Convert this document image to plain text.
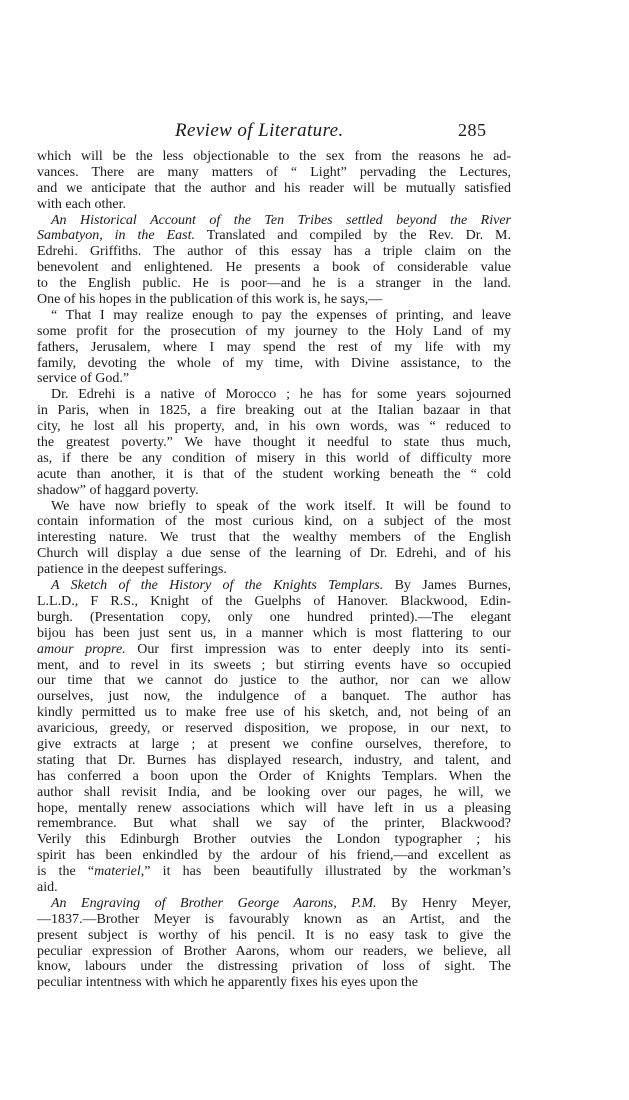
Review of Literature.	285
which will be the less objectionable to the sex from the reasons he ad-
vances. There are many matters of “ Light” pervading the Lectures,
and we anticipate that the author and his reader will be mutually satisfied
with each other.
An Historical Account of the Ten Tribes settled beyond the River
Sambatyon, in the East. Translated and compiled by the Rev. Dr. M.
Edrehi. Griffiths. The author of this essay has a triple claim on the
benevolent and enlightened. He presents a book of considerable value
to the English public. He is poor—and he is a stranger in the land.
One of his hopes in the publication of this work is, he says,—
“ That I may realize enough to pay the expenses of printing, and leave
some profit for the prosecution of my journey to the Holy Land of my
fathers, Jerusalem, where I may spend the rest of my life with my
family, devoting the whole of my time, with Divine assistance, to the
service of God.”
Dr. Edrehi is a native of Morocco ; he has for some years sojourned
in Paris, when in 1825, a fire breaking out at the Italian bazaar in that
city, he lost all his property, and, in his own words, was “ reduced to
the greatest poverty.” We have thought it needful to state thus much,
as, if there be any condition of misery in this world of difficulty more
acute than another, it is that of the student working beneath the “ cold
shadow” of haggard poverty.
We have now briefly to speak of the work itself. It will be found to
contain information of the most curious kind, on a subject of the most
interesting nature. We trust that the wealthy members of the English
Church will display a due sense of the learning of Dr. Edrehi, and of his
patience in the deepest sufferings.
A Sketch of the History of the Knights Templars. By James Burnes,
L.L.D., F R.S., Knight of the Guelphs of Hanover. Blackwood, Edin-
burgh. (Presentation copy, only one hundred printed).—The elegant
bijou has been just sent us, in a manner which is most flattering to our
amour propre. Our first impression was to enter deeply into its senti-
ment, and to revel in its sweets ; but stirring events have so occupied
our time that we cannot do justice to the author, nor can we allow
ourselves, just now, the indulgence of a banquet. The author has
kindly permitted us to make free use of his sketch, and, not being of an
avaricious, greedy, or reserved disposition, we propose, in our next, to
give extracts at large ; at present we confine ourselves, therefore, to
stating that Dr. Burnes has displayed research, industry, and talent, and
has conferred a boon upon the Order of Knights Templars. When the
author shall revisit India, and be looking over our pages, he will, we
hope, mentally renew associations which will have left in us a pleasing
remembrance. But what shall we say of the printer, Blackwood?
Verily this Edinburgh Brother outvies the London typographer ; his
spirit has been enkindled by the ardour of his friend,—and excellent as
is the “materiel,” it has been beautifully illustrated by the workman’s
aid.
An Engraving of Brother George Aarons, P.M. By Henry Meyer,
—1837.—Brother Meyer is favourably known as an Artist, and the
present subject is worthy of his pencil. It is no easy task to give the
peculiar expression of Brother Aarons, whom our readers, we believe, all
know, labours under the distressing privation of loss of sight. The
peculiar intentness with which he apparently fixes his eyes upon the
